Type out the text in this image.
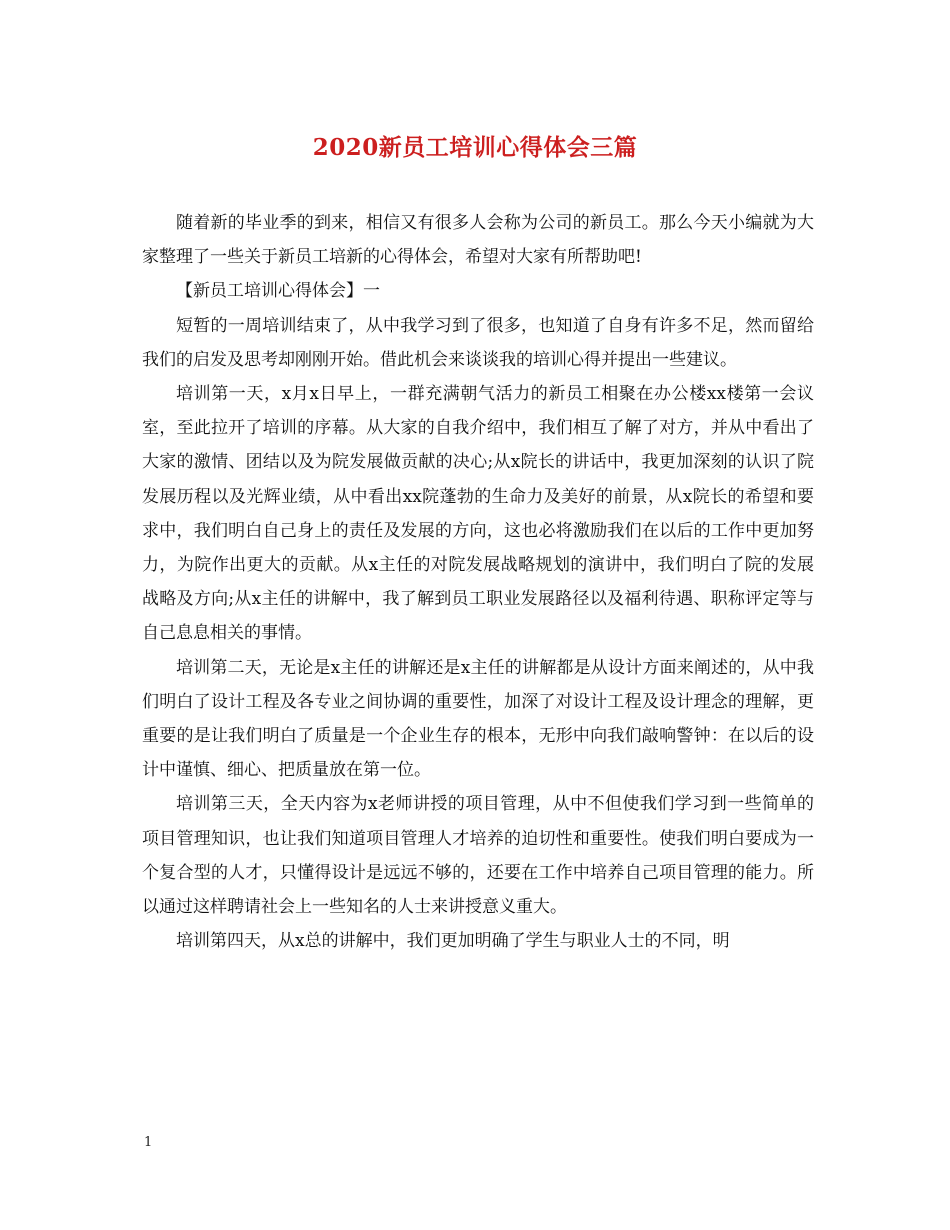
2020新员工培训心得体会三篇

随着新的毕业季的到来，相信又有很多人会称为公司的新员工。那么今天小编就为大家整理了一些关于新员工培新的心得体会，希望对大家有所帮助吧!

【新员工培训心得体会】一

短暂的一周培训结束了，从中我学习到了很多，也知道了自身有许多不足，然而留给我们的启发及思考却刚刚开始。借此机会来谈谈我的培训心得并提出一些建议。

培训第一天，x月x日早上，一群充满朝气活力的新员工相聚在办公楼xx楼第一会议室，至此拉开了培训的序幕。从大家的自我介绍中，我们相互了解了对方，并从中看出了大家的激情、团结以及为院发展做贡献的决心;从x院长的讲话中，我更加深刻的认识了院发展历程以及光辉业绩，从中看出xx院蓬勃的生命力及美好的前景，从x院长的希望和要求中，我们明白自己身上的责任及发展的方向，这也必将激励我们在以后的工作中更加努力，为院作出更大的贡献。从x主任的对院发展战略规划的演讲中，我们明白了院的发展战略及方向;从x主任的讲解中，我了解到员工职业发展路径以及福利待遇、职称评定等与自己息息相关的事情。

培训第二天，无论是x主任的讲解还是x主任的讲解都是从设计方面来阐述的，从中我们明白了设计工程及各专业之间协调的重要性，加深了对设计工程及设计理念的理解，更重要的是让我们明白了质量是一个企业生存的根本，无形中向我们敲响警钟：在以后的设计中谨慎、细心、把质量放在第一位。

培训第三天，全天内容为x老师讲授的项目管理，从中不但使我们学习到一些简单的项目管理知识，也让我们知道项目管理人才培养的迫切性和重要性。使我们明白要成为一个复合型的人才，只懂得设计是远远不够的，还要在工作中培养自己项目管理的能力。所以通过这样聘请社会上一些知名的人士来讲授意义重大。

培训第四天，从x总的讲解中，我们更加明确了学生与职业人士的不同，明

1
